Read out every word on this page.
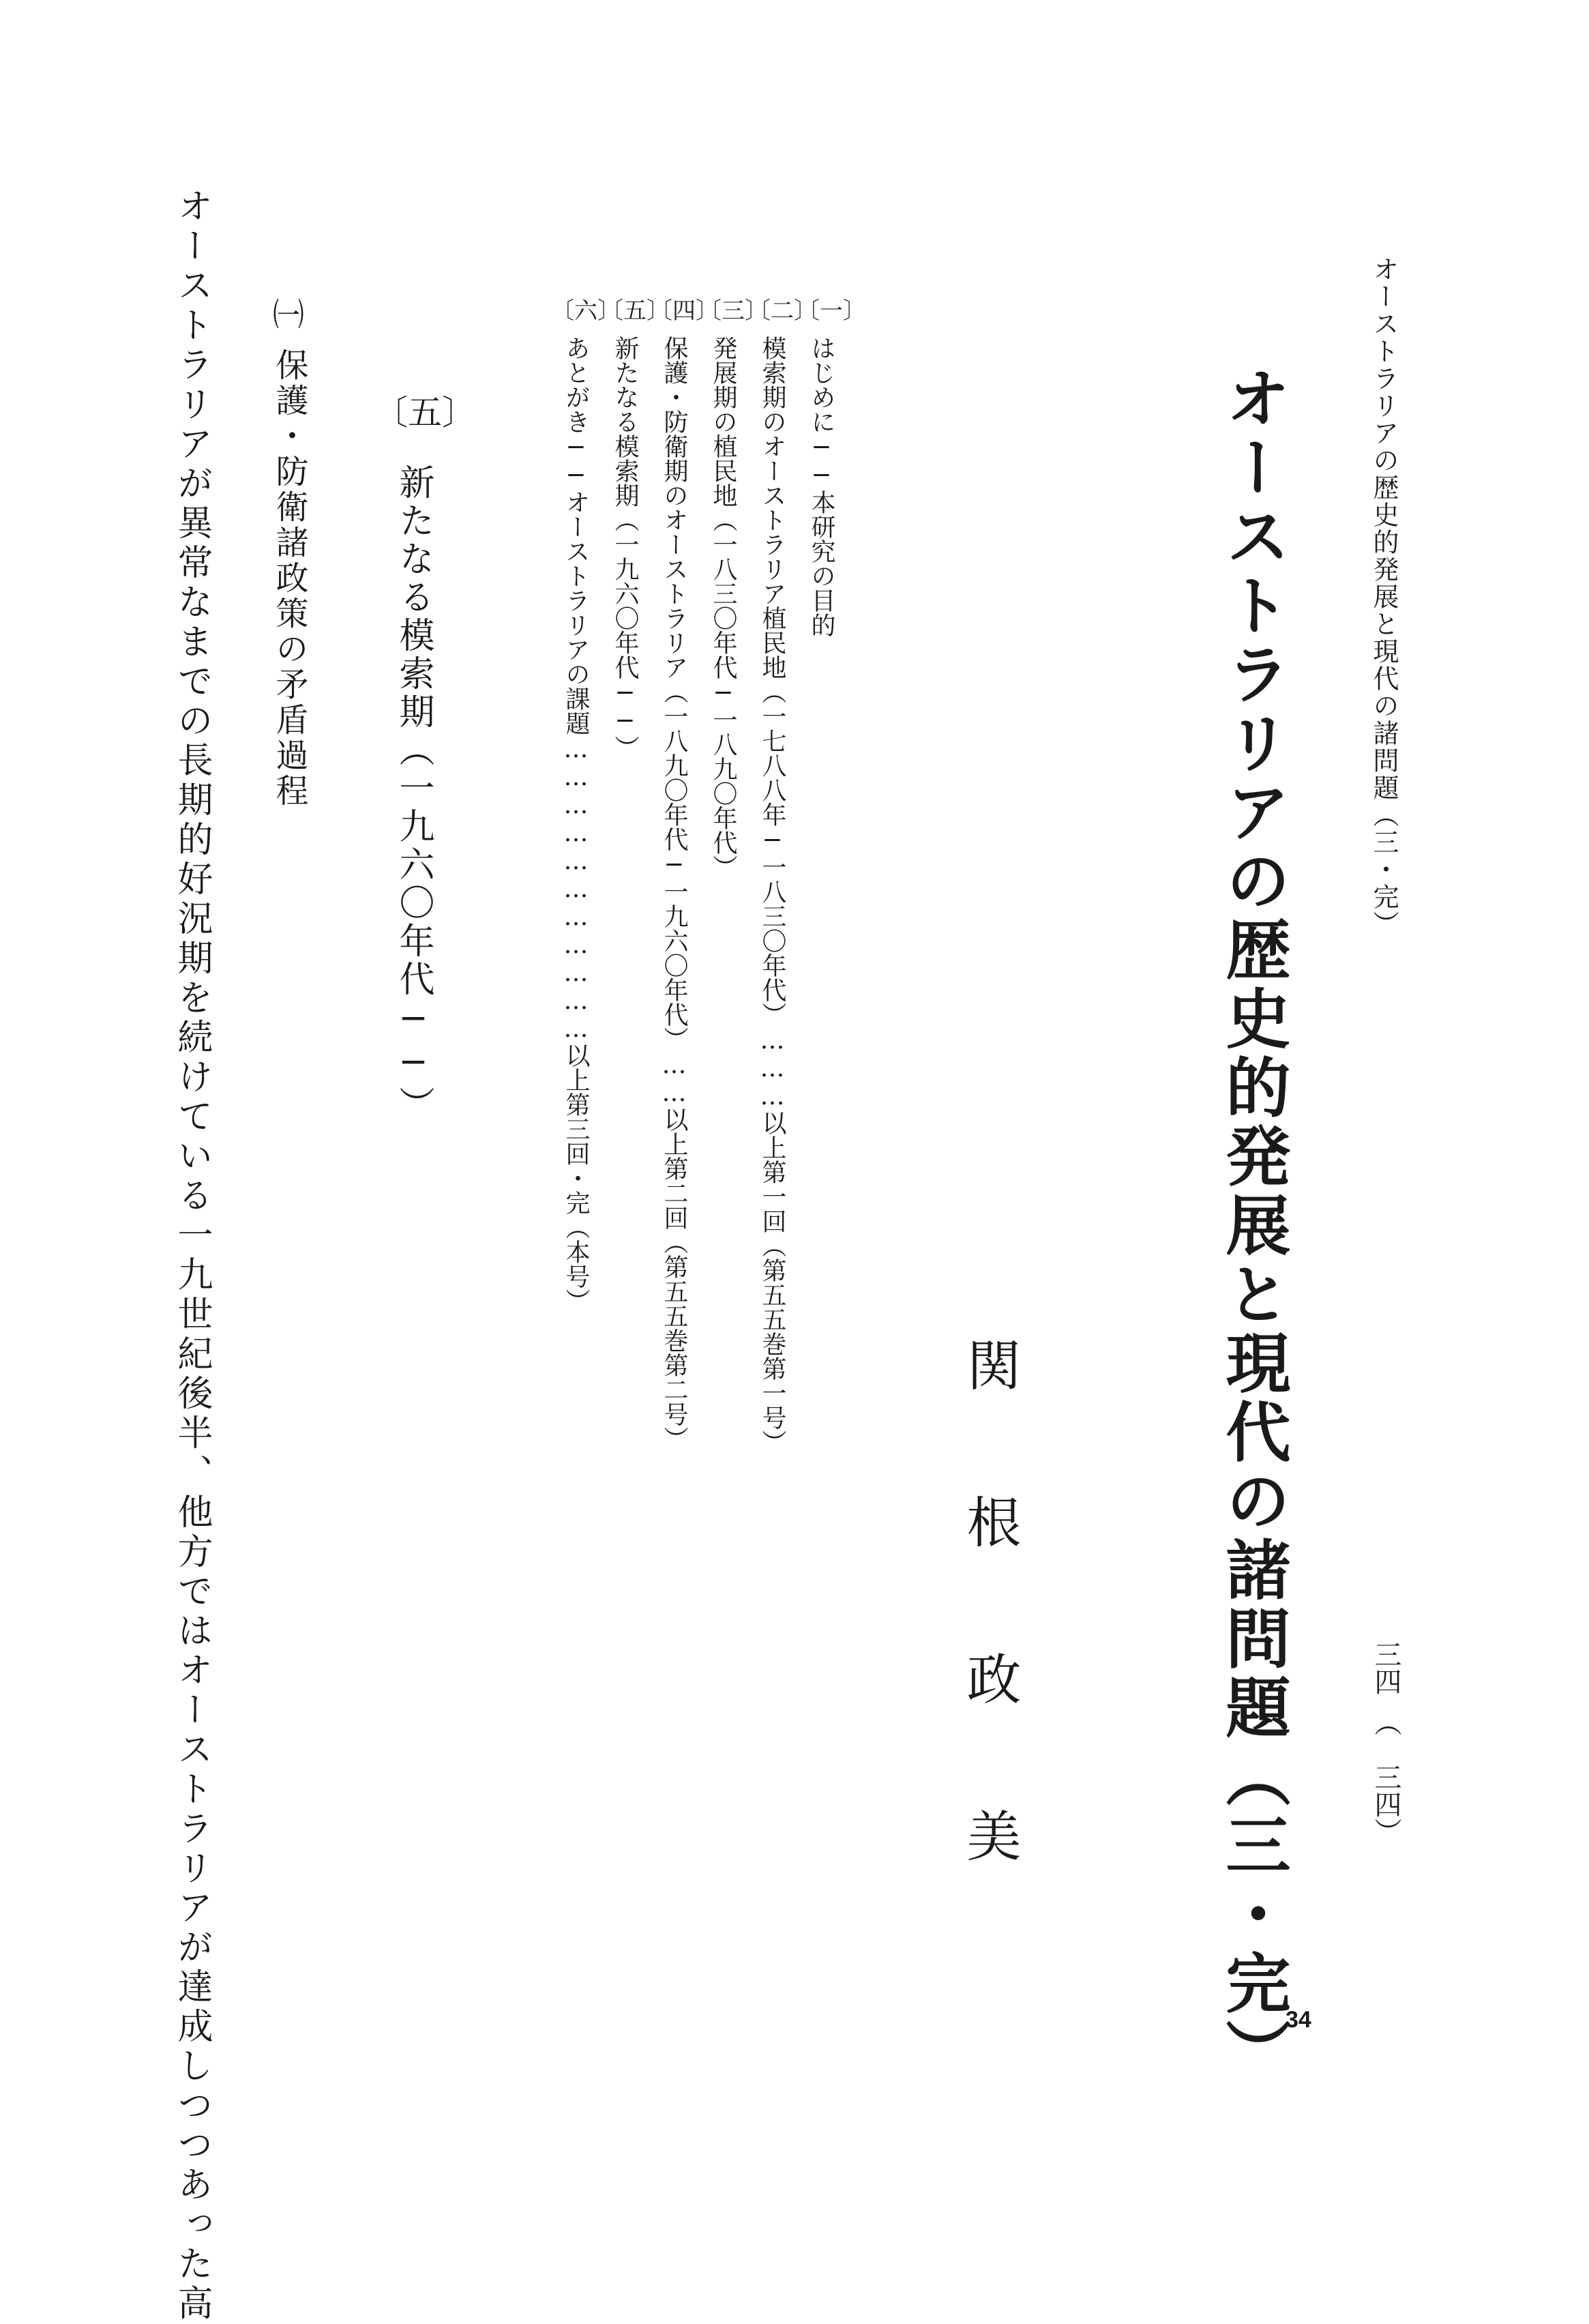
オーストラリアの歴史的発展と現代の諸問題（三・完）
三四　（　三四）
オーストラリアの歴史的発展と現代の諸問題（三・完）
関根政美
〔一〕
はじめに──本研究の目的
〔二〕
模索期のオーストラリア植民地（一七八八年─一八三〇年代）………以上第一回（第五五巻第一号）
〔三〕
発展期の植民地（一八三〇年代─一八九〇年代）
〔四〕
保護・防衛期のオーストラリア（一八九〇年代─一九六〇年代）……以上第二回（第五五巻第二号）
〔五〕
新たなる模索期（一九六〇年代──）
〔六〕
あとがき──オーストラリアの課題……………………………以上第三回・完（本号）
〔五〕
新たなる模索期（一九六〇年代──）
㈠
保護・防衛諸政策の矛盾過程
オーストラリアが異常なまでの長期的好況期を続けている一九世紀後半、他方ではオーストラリアが達成しつつあった高	34
